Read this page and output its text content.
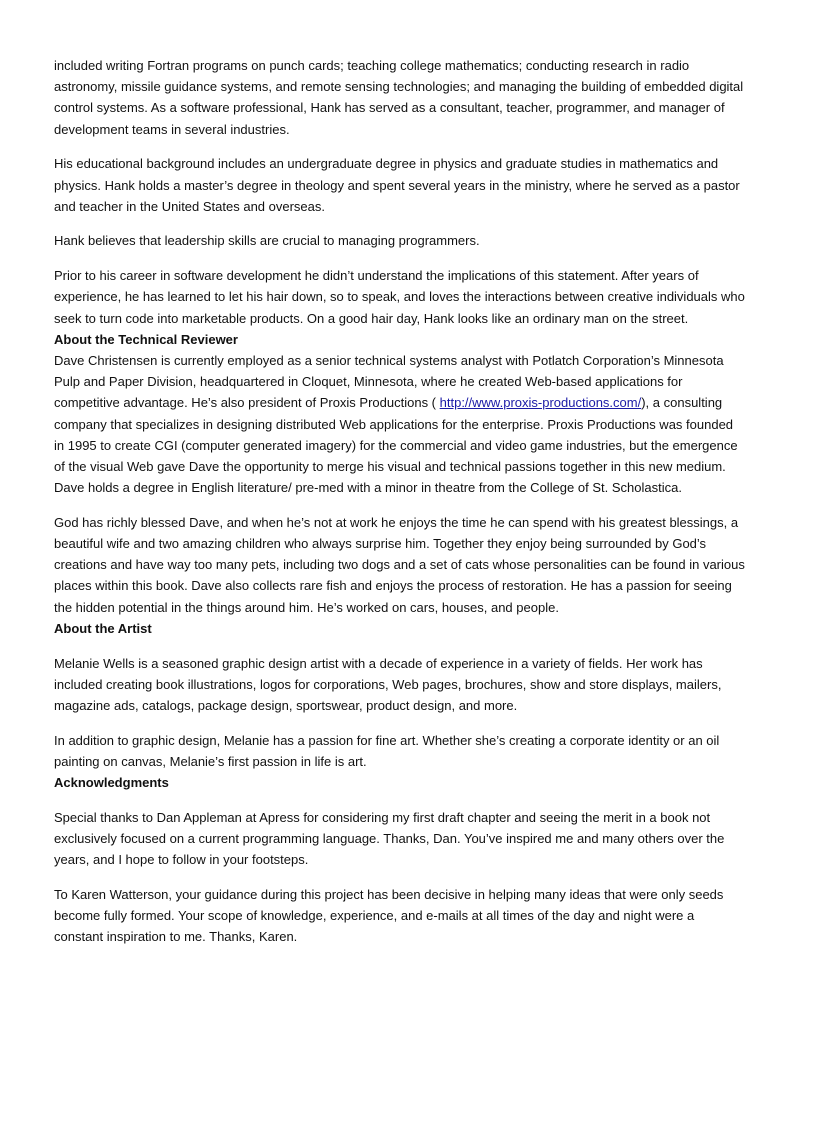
included writing Fortran programs on punch cards; teaching college mathematics; conducting research in radio astronomy, missile guidance systems, and remote sensing technologies; and managing the building of embedded digital control systems. As a software professional, Hank has served as a consultant, teacher, programmer, and manager of development teams in several industries.

His educational background includes an undergraduate degree in physics and graduate studies in mathematics and physics. Hank holds a master’s degree in theology and spent several years in the ministry, where he served as a pastor and teacher in the United States and overseas.

Hank believes that leadership skills are crucial to managing programmers.

Prior to his career in software development he didn’t understand the implications of this statement. After years of experience, he has learned to let his hair down, so to speak, and loves the interactions between creative individuals who seek to turn code into marketable products. On a good hair day, Hank looks like an ordinary man on the street.

About the Technical Reviewer

Dave Christensen is currently employed as a senior technical systems analyst with Potlatch Corporation’s Minnesota Pulp and Paper Division, headquartered in Cloquet, Minnesota, where he created Web-based applications for competitive advantage. He’s also president of Proxis Productions ( http://www.proxis-productions.com/), a consulting company that specializes in designing distributed Web applications for the enterprise. Proxis Productions was founded in 1995 to create CGI (computer generated imagery) for the commercial and video game industries, but the emergence of the visual Web gave Dave the opportunity to merge his visual and technical passions together in this new medium. Dave holds a degree in English literature/ pre-med with a minor in theatre from the College of St. Scholastica.

God has richly blessed Dave, and when he’s not at work he enjoys the time he can spend with his greatest blessings, a beautiful wife and two amazing children who always surprise him. Together they enjoy being surrounded by God’s creations and have way too many pets, including two dogs and a set of cats whose personalities can be found in various places within this book. Dave also collects rare fish and enjoys the process of restoration. He has a passion for seeing the hidden potential in the things around him. He’s worked on cars, houses, and people.

About the Artist

Melanie Wells is a seasoned graphic design artist with a decade of experience in a variety of fields. Her work has included creating book illustrations, logos for corporations, Web pages, brochures, show and store displays, mailers, magazine ads, catalogs, package design, sportswear, product design, and more.

In addition to graphic design, Melanie has a passion for fine art. Whether she’s creating a corporate identity or an oil painting on canvas, Melanie’s first passion in life is art.

Acknowledgments

Special thanks to Dan Appleman at Apress for considering my first draft chapter and seeing the merit in a book not exclusively focused on a current programming language. Thanks, Dan. You’ve inspired me and many others over the years, and I hope to follow in your footsteps.

To Karen Watterson, your guidance during this project has been decisive in helping many ideas that were only seeds become fully formed. Your scope of knowledge, experience, and e-mails at all times of the day and night were a constant inspiration to me. Thanks, Karen.
